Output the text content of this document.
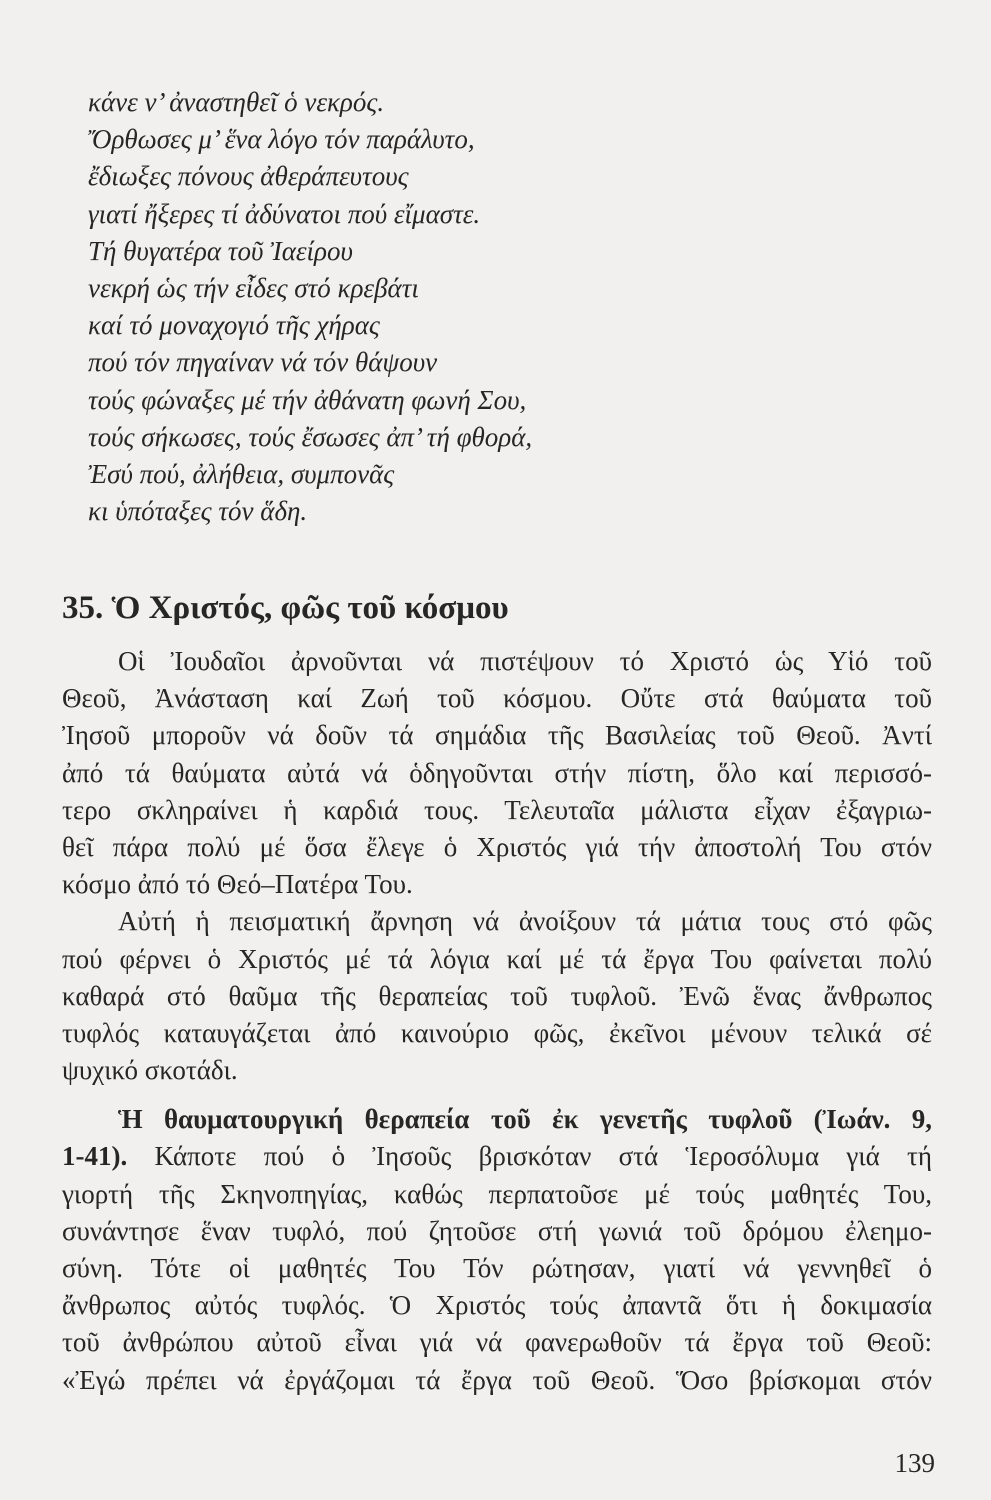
κάνε ν’ ἀναστηθεῖ ὁ νεκρός.
Ὄρθωσες μ’ ἕνα λόγο τόν παράλυτο,
ἔδιωξες πόνους ἀθεράπευτους
γιατί ἤξερες τί ἀδύνατοι πού εἴμαστε.
Τή θυγατέρα τοῦ Ἰαείρου
νεκρή ὡς τήν εἶδες στό κρεβάτι
καί τό μοναχογιό τῆς χήρας
πού τόν πηγαίναν νά τόν θάψουν
τούς φώναξες μέ τήν ἀθάνατη φωνή Σου,
τούς σήκωσες, τούς ἔσωσες ἀπ’ τή φθορά,
Ἐσύ πού, ἀλήθεια, συμπονᾶς
κι ὑπόταξες τόν ἅδη.
35. Ὁ Χριστός, φῶς τοῦ κόσμου
Οἱ Ἰουδαῖοι ἀρνοῦνται νά πιστέψουν τό Χριστό ὡς Υἱό τοῦ
Θεοῦ, Ἀνάσταση καί Ζωή τοῦ κόσμου. Οὔτε στά θαύματα τοῦ
Ἰησοῦ μποροῦν νά δοῦν τά σημάδια τῆς Βασιλείας τοῦ Θεοῦ. Ἀντί
ἀπό τά θαύματα αὐτά νά ὁδηγοῦνται στήν πίστη, ὅλο καί περισσό-
τερο σκληραίνει ἡ καρδιά τους. Τελευταῖα μάλιστα εἶχαν ἐξαγριω-
θεῖ πάρα πολύ μέ ὅσα ἔλεγε ὁ Χριστός γιά τήν ἀποστολή Του στόν
κόσμο ἀπό τό Θεό–Πατέρα Του.
Αὐτή ἡ πεισματική ἄρνηση νά ἀνοίξουν τά μάτια τους στό φῶς
πού φέρνει ὁ Χριστός μέ τά λόγια καί μέ τά ἔργα Του φαίνεται πολύ
καθαρά στό θαῦμα τῆς θεραπείας τοῦ τυφλοῦ. Ἐνῶ ἕνας ἄνθρωπος
τυφλός καταυγάζεται ἀπό καινούριο φῶς, ἐκεῖνοι μένουν τελικά σέ
ψυχικό σκοτάδι.
Ἡ θαυματουργική θεραπεία τοῦ ἐκ γενετῆς τυφλοῦ (Ἰωάν. 9,
1-41). Κάποτε πού ὁ Ἰησοῦς βρισκόταν στά Ἱεροσόλυμα γιά τή
γιορτή τῆς Σκηνοπηγίας, καθώς περπατοῦσε μέ τούς μαθητές Του,
συνάντησε ἕναν τυφλό, πού ζητοῦσε στή γωνιά τοῦ δρόμου ἐλεημο-
σύνη. Τότε οἱ μαθητές Του Τόν ρώτησαν, γιατί νά γεννηθεῖ ὁ
ἄνθρωπος αὐτός τυφλός. Ὁ Χριστός τούς ἀπαντᾶ ὅτι ἡ δοκιμασία
τοῦ ἀνθρώπου αὐτοῦ εἶναι γιά νά φανερωθοῦν τά ἔργα τοῦ Θεοῦ:
«Ἐγώ πρέπει νά ἐργάζομαι τά ἔργα τοῦ Θεοῦ. Ὅσο βρίσκομαι στόν
139
